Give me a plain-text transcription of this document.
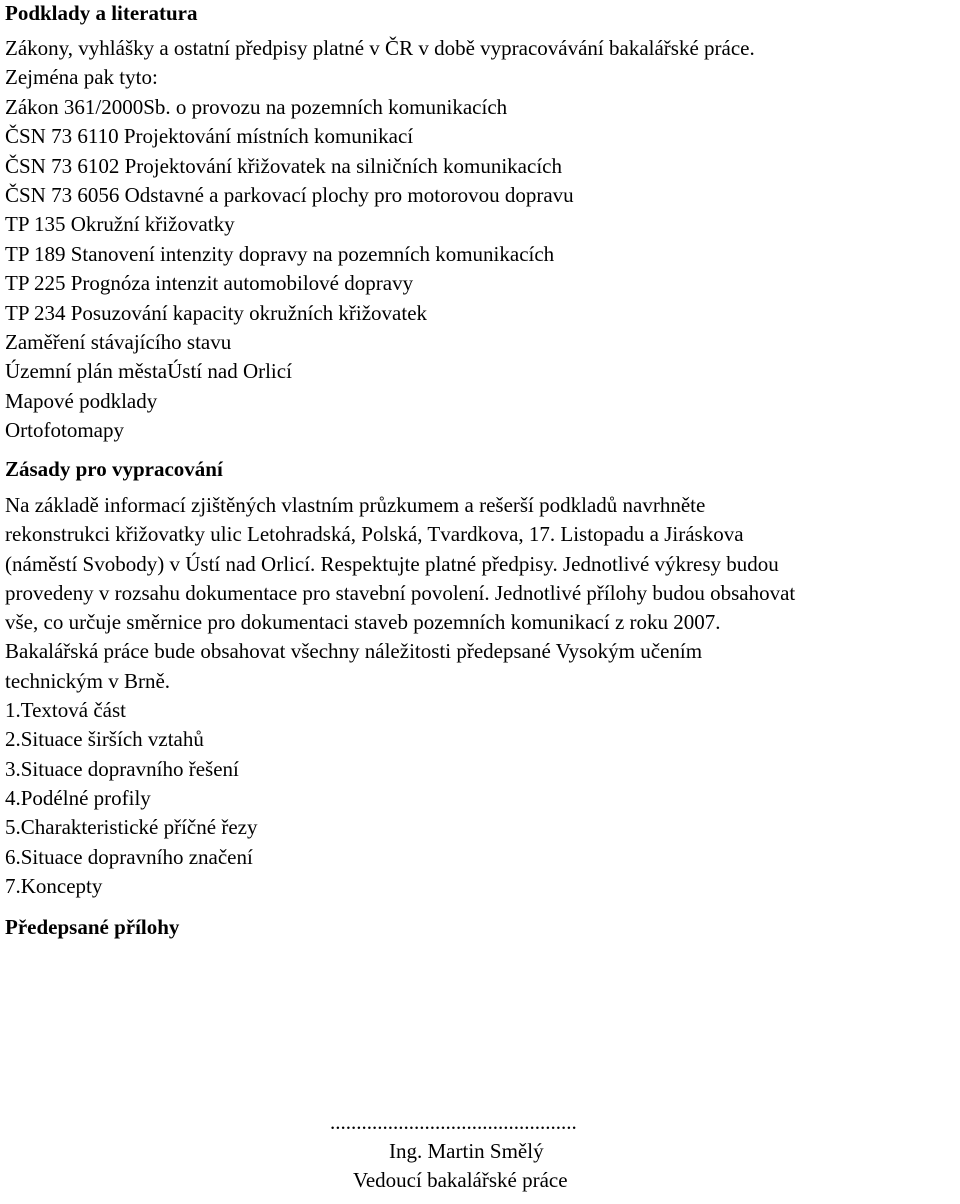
Podklady a literatura
Zákony, vyhlášky a ostatní předpisy platné v ČR v době vypracovávání bakalářské práce.
Zejména pak tyto:
Zákon 361/2000Sb. o provozu na pozemních komunikacích
ČSN 73 6110 Projektování místních komunikací
ČSN 73 6102 Projektování křižovatek na silničních komunikacích
ČSN 73 6056 Odstavné a parkovací plochy pro motorovou dopravu
TP 135 Okružní křižovatky
TP 189 Stanovení intenzity dopravy na pozemních komunikacích
TP 225 Prognóza intenzit automobilové dopravy
TP 234 Posuzování kapacity okružních křižovatek
Zaměření stávajícího stavu
Územní plán městaÚstí nad Orlicí
Mapové podklady
Ortofotomapy
Zásady pro vypracování
Na základě informací zjištěných vlastním průzkumem a rešerší podkladů navrhněte
rekonstrukci křižovatky ulic Letohradská, Polská, Tvardkova, 17. Listopadu a Jiráskova
(náměstí Svobody) v Ústí nad Orlicí. Respektujte platné předpisy. Jednotlivé výkresy budou
provedeny v rozsahu dokumentace pro stavební povolení. Jednotlivé přílohy budou obsahovat
vše, co určuje směrnice pro dokumentaci staveb pozemních komunikací z roku 2007.
Bakalářská práce bude obsahovat všechny náležitosti předepsané Vysokým učením
technickým v Brně.
1.Textová část
2.Situace širších vztahů
3.Situace dopravního řešení
4.Podélné profily
5.Charakteristické příčné řezy
6.Situace dopravního značení
7.Koncepty
Předepsané přílohy
...............................................
Ing. Martin Smělý
Vedoucí bakalářské práce
